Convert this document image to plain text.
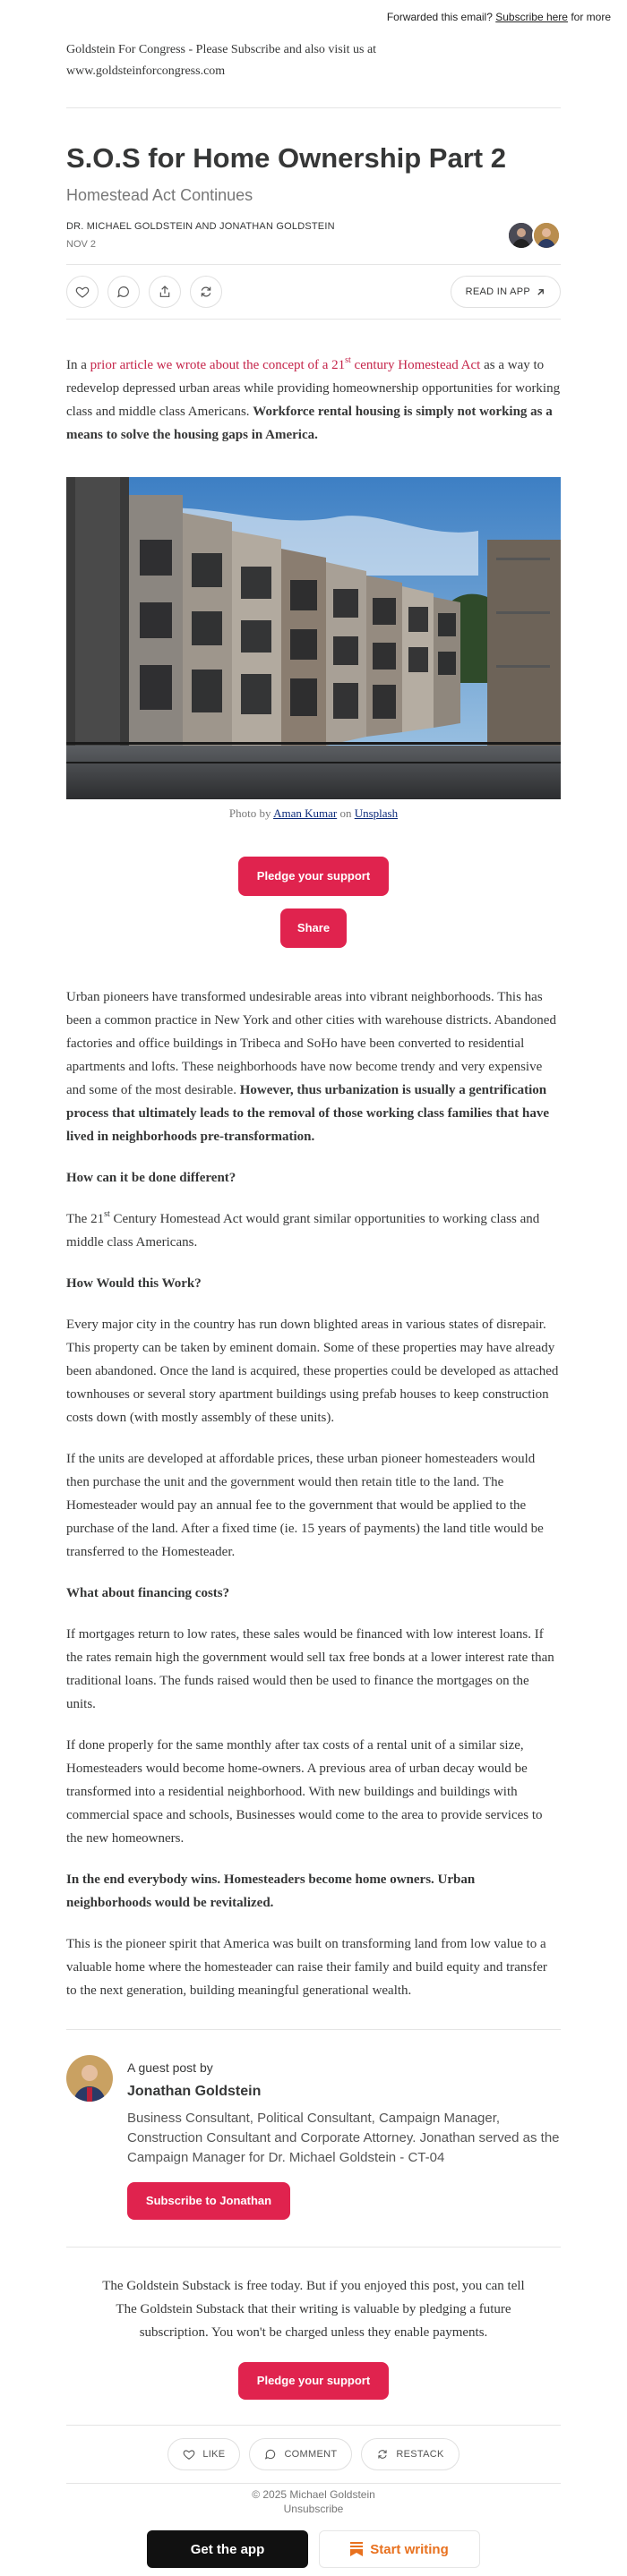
Forwarded this email? Subscribe here for more
Goldstein For Congress - Please Subscribe and also visit us at
www.goldsteinforcongress.com
S.O.S for Home Ownership Part 2
Homestead Act Continues
DR. MICHAEL GOLDSTEIN AND JONATHAN GOLDSTEIN
NOV 2
READ IN APP

In a prior article we wrote about the concept of a 21st century Homestead Act as a way to redevelop depressed urban areas while providing homeownership opportunities for working class and middle class Americans. Workforce rental housing is simply not working as a means to solve the housing gaps in America.

Photo by Aman Kumar on Unsplash
Pledge your support
Share

Urban pioneers have transformed undesirable areas into vibrant neighborhoods. This has been a common practice in New York and other cities with warehouse districts. Abandoned factories and office buildings in Tribeca and SoHo have been converted to residential apartments and lofts. These neighborhoods have now become trendy and very expensive and some of the most desirable. However, thus urbanization is usually a gentrification process that ultimately leads to the removal of those working class families that have lived in neighborhoods pre-transformation.

How can it be done different?

The 21st Century Homestead Act would grant similar opportunities to working class and middle class Americans.

How Would this Work?

Every major city in the country has run down blighted areas in various states of disrepair. This property can be taken by eminent domain. Some of these properties may have already been abandoned. Once the land is acquired, these properties could be developed as attached townhouses or several story apartment buildings using prefab houses to keep construction costs down (with mostly assembly of these units).

If the units are developed at affordable prices, these urban pioneer homesteaders would then purchase the unit and the government would then retain title to the land. The Homesteader would pay an annual fee to the government that would be applied to the purchase of the land. After a fixed time (ie. 15 years of payments) the land title would be transferred to the Homesteader.

What about financing costs?

If mortgages return to low rates, these sales would be financed with low interest loans. If the rates remain high the government would sell tax free bonds at a lower interest rate than traditional loans. The funds raised would then be used to finance the mortgages on the units.

If done properly for the same monthly after tax costs of a rental unit of a similar size, Homesteaders would become home-owners. A previous area of urban decay would be transformed into a residential neighborhood. With new buildings and buildings with commercial space and schools, Businesses would come to the area to provide services to the new homeowners.

In the end everybody wins. Homesteaders become home owners. Urban neighborhoods would be revitalized.

This is the pioneer spirit that America was built on transforming land from low value to a valuable home where the homesteader can raise their family and build equity and transfer to the next generation, building meaningful generational wealth.

A guest post by
Jonathan Goldstein
Business Consultant, Political Consultant, Campaign Manager, Construction Consultant and Corporate Attorney. Jonathan served as the Campaign Manager for Dr. Michael Goldstein - CT-04
Subscribe to Jonathan

The Goldstein Substack is free today. But if you enjoyed this post, you can tell The Goldstein Substack that their writing is valuable by pledging a future subscription. You won't be charged unless they enable payments.

Pledge your support
LIKE	COMMENT	RESTACK
© 2025 Michael Goldstein
Unsubscribe
Get the app	Start writing
